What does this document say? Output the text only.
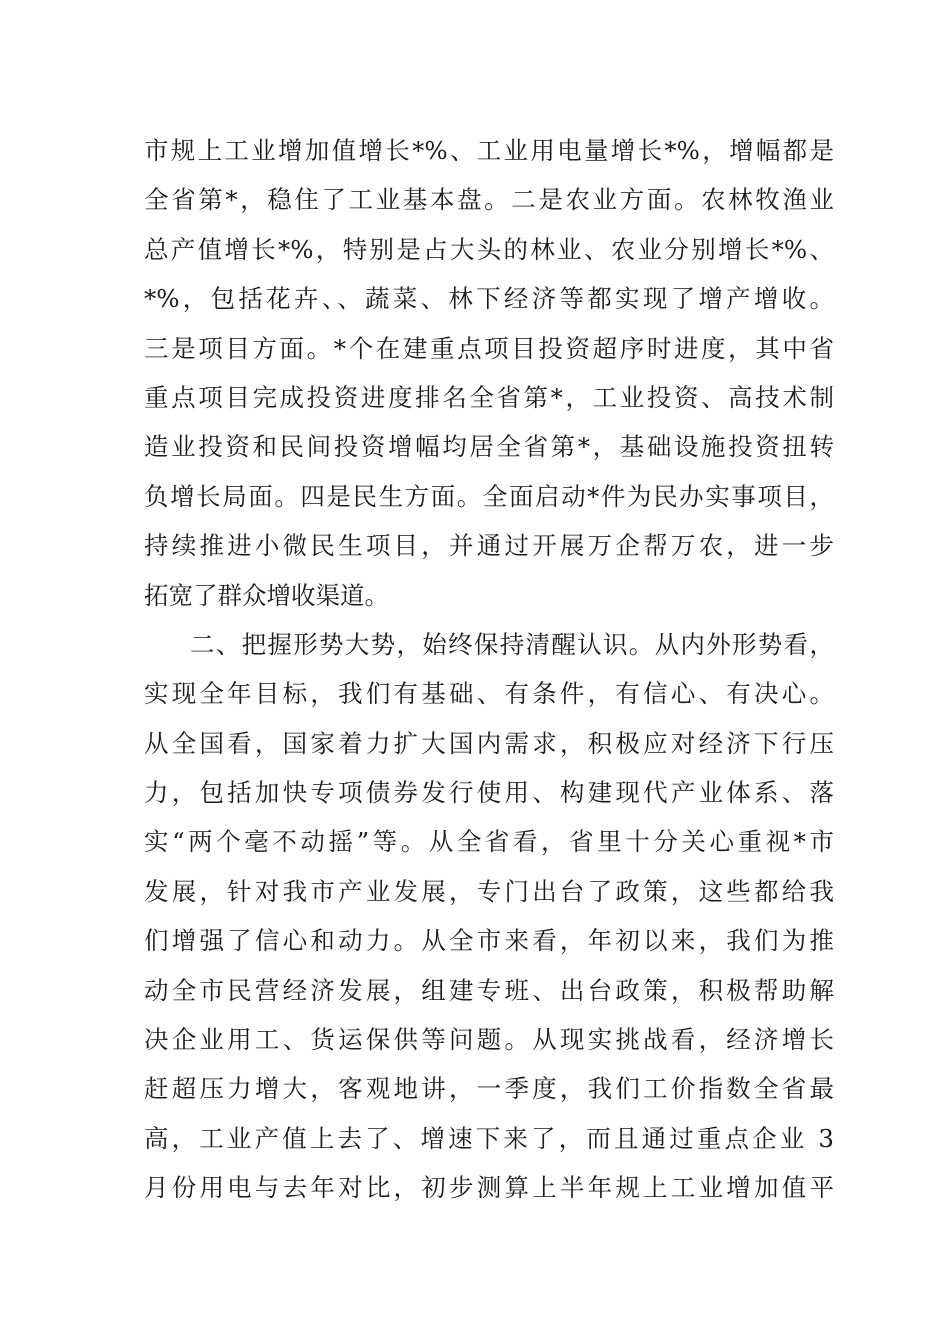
市规上工业增加值增长*%、工业用电量增长*%，增幅都是
全省第*，稳住了工业基本盘。二是农业方面。农林牧渔业
总产值增长*%，特别是占大头的林业、农业分别增长*%、
*%，包括花卉、、蔬菜、林下经济等都实现了增产增收。
三是项目方面。*个在建重点项目投资超序时进度，其中省
重点项目完成投资进度排名全省第*，工业投资、高技术制
造业投资和民间投资增幅均居全省第*，基础设施投资扭转
负增长局面。四是民生方面。全面启动*件为民办实事项目，
持续推进小微民生项目，并通过开展万企帮万农，进一步
拓宽了群众增收渠道。
二、把握形势大势，始终保持清醒认识。从内外形势看，
实现全年目标，我们有基础、有条件，有信心、有决心。
从全国看，国家着力扩大国内需求，积极应对经济下行压
力，包括加快专项债券发行使用、构建现代产业体系、落
实“两个毫不动摇”等。从全省看，省里十分关心重视*市
发展，针对我市产业发展，专门出台了政策，这些都给我
们增强了信心和动力。从全市来看，年初以来，我们为推
动全市民营经济发展，组建专班、出台政策，积极帮助解
决企业用工、货运保供等问题。从现实挑战看，经济增长
赶超压力增大，客观地讲，一季度，我们工价指数全省最
高，工业产值上去了、增速下来了，而且通过重点企业 3
月份用电与去年对比，初步测算上半年规上工业增加值平
